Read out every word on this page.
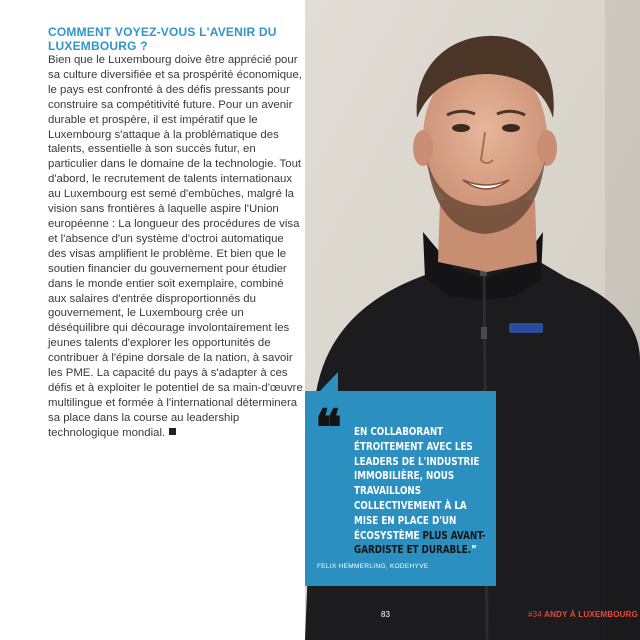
COMMENT VOYEZ-VOUS L'AVENIR DU LUXEMBOURG ?

Bien que le Luxembourg doive être apprécié pour sa culture diversifiée et sa prospérité économique, le pays est confronté à des défis pressants pour construire sa compétitivité future. Pour un avenir durable et prospère, il est impératif que le Luxembourg s'attaque à la problématique des talents, essentielle à son succès futur, en particulier dans le domaine de la technologie. Tout d'abord, le recrutement de talents internationaux au Luxembourg est semé d'embûches, malgré la vision sans frontières à laquelle aspire l'Union européenne : La longueur des procédures de visa et l'absence d'un système d'octroi automatique des visas amplifient le problème. Et bien que le soutien financier du gouvernement pour étudier dans le monde entier soit exemplaire, combiné aux salaires d'entrée disproportionnés du gouvernement, le Luxembourg crée un déséquilibre qui décourage involontairement les jeunes talents d'explorer les opportunités de contribuer à l'épine dorsale de la nation, à savoir les PME. La capacité du pays à s'adapter à ces défis et à exploiter le potentiel de sa main-d'œuvre multilingue et formée à l'international déterminera sa place dans la course au leadership technologique mondial.	❝ EN COLLABORANT ÉTROITEMENT AVEC LES LEADERS DE L'INDUSTRIE IMMOBILIÈRE, NOUS TRAVAILLONS COLLECTIVEMENT À LA MISE EN PLACE D'UN ÉCOSYSTÈME PLUS AVANT-GARDISTE ET DURABLE.”
FELIX HEMMERLING, KODEHYVE
83	#34 ANDY À LUXEMBOURG
